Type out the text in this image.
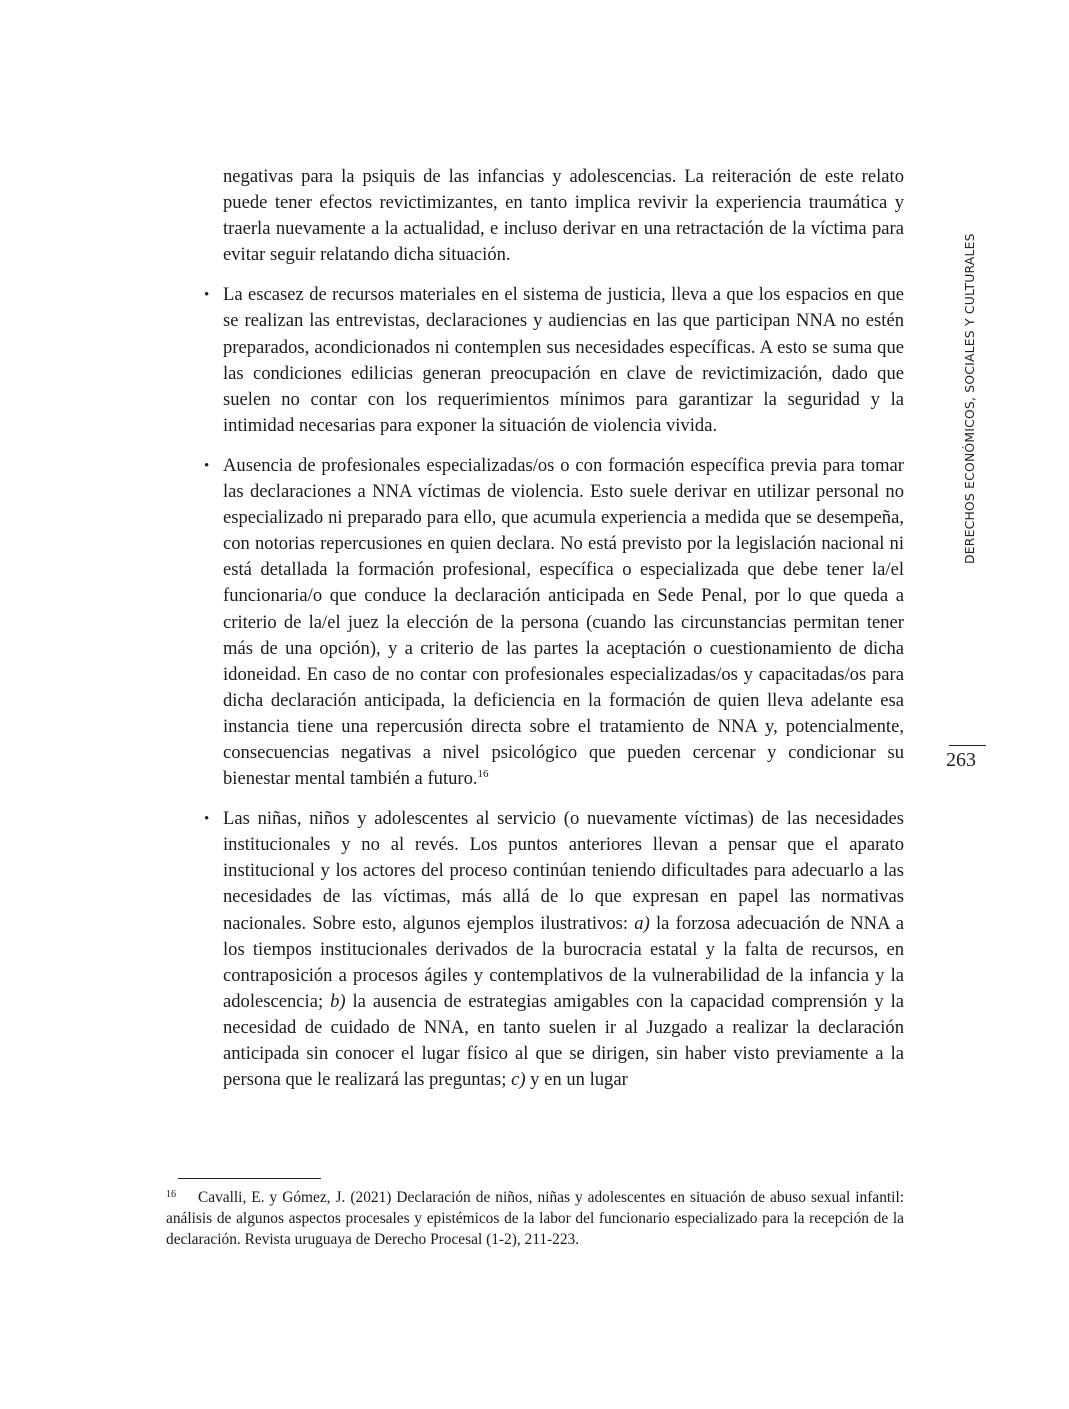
negativas para la psiquis de las infancias y adolescencias. La reiteración de este relato puede tener efectos revictimizantes, en tanto implica revivir la experiencia traumática y traerla nuevamente a la actualidad, e incluso derivar en una retractación de la víctima para evitar seguir relatando dicha situación.

• La escasez de recursos materiales en el sistema de justicia, lleva a que los espacios en que se realizan las entrevistas, declaraciones y audiencias en las que participan NNA no estén preparados, acondicionados ni contemplen sus necesidades específicas. A esto se suma que las condiciones edilicias generan preocupación en clave de revictimización, dado que suelen no contar con los requerimientos mínimos para garantizar la seguridad y la intimidad necesarias para exponer la situación de violencia vivida.
• Ausencia de profesionales especializadas/os o con formación específica previa para tomar las declaraciones a NNA víctimas de violencia. Esto suele derivar en utilizar personal no especializado ni preparado para ello, que acumula experiencia a medida que se desempeña, con notorias repercusiones en quien declara. No está previsto por la legislación nacional ni está detallada la formación profesional, específica o especializada que debe tener la/el funcionaria/o que conduce la declaración anticipada en Sede Penal, por lo que queda a criterio de la/el juez la elección de la persona (cuando las circunstancias permitan tener más de una opción), y a criterio de las partes la aceptación o cuestionamiento de dicha idoneidad. En caso de no contar con profesionales especializadas/os y capacitadas/os para dicha declaración anticipada, la deficiencia en la formación de quien lleva adelante esa instancia tiene una repercusión directa sobre el tratamiento de NNA y, potencialmente, consecuencias negativas a nivel psicológico que pueden cercenar y condicionar su bienestar mental también a futuro.$^{16}$
• Las niñas, niños y adolescentes al servicio (o nuevamente víctimas) de las necesidades institucionales y no al revés. Los puntos anteriores llevan a pensar que el aparato institucional y los actores del proceso continúan teniendo dificultades para adecuarlo a las necesidades de las víctimas, más allá de lo que expresan en papel las normativas nacionales. Sobre esto, algunos ejemplos ilustrativos: a) la forzosa adecuación de NNA a los tiempos institucionales derivados de la burocracia estatal y la falta de recursos, en contraposición a procesos ágiles y contemplativos de la vulnerabilidad de la infancia y la adolescencia; b) la ausencia de estrategias amigables con la capacidad comprensión y la necesidad de cuidado de NNA, en tanto suelen ir al Juzgado a realizar la declaración anticipada sin conocer el lugar físico al que se dirigen, sin haber visto previamente a la persona que le realizará las preguntas; c) y en un lugar
$^{16}$ Cavalli, E. y Gómez, J. (2021) Declaración de niños, niñas y adolescentes en situación de abuso sexual infantil: análisis de algunos aspectos procesales y epistémicos de la labor del funcionario especializado para la recepción de la declaración. Revista uruguaya de Derecho Procesal (1-2), 211-223.
DERECHOS ECONÓMICOS, SOCIALES Y CULTURALES
263
